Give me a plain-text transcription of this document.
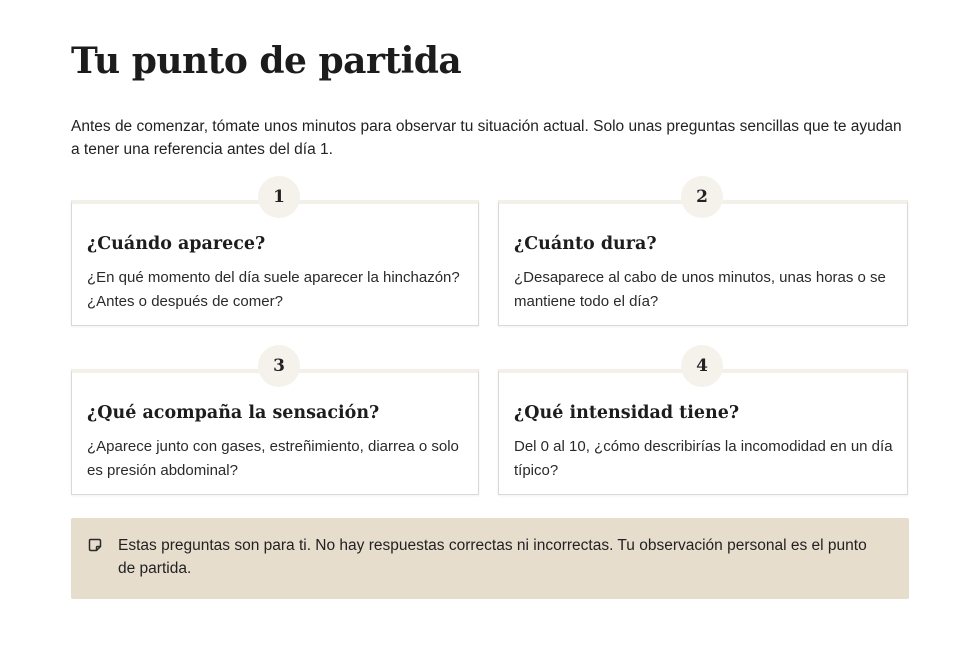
Tu punto de partida

Antes de comenzar, tómate unos minutos para observar tu situación actual. Solo unas preguntas sencillas que te ayudan a tener una referencia antes del día 1.

1
¿Cuándo aparece?

¿En qué momento del día suele aparecer la hinchazón? ¿Antes o después de comer?

2
¿Cuánto dura?

¿Desaparece al cabo de unos minutos, unas horas o se mantiene todo el día?

3
¿Qué acompaña la sensación?

¿Aparece junto con gases, estreñimiento, diarrea o solo es presión abdominal?

4
¿Qué intensidad tiene?

Del 0 al 10, ¿cómo describirías la incomodidad en un día típico?

Estas preguntas son para ti. No hay respuestas correctas ni incorrectas. Tu observación personal es el punto de partida.
